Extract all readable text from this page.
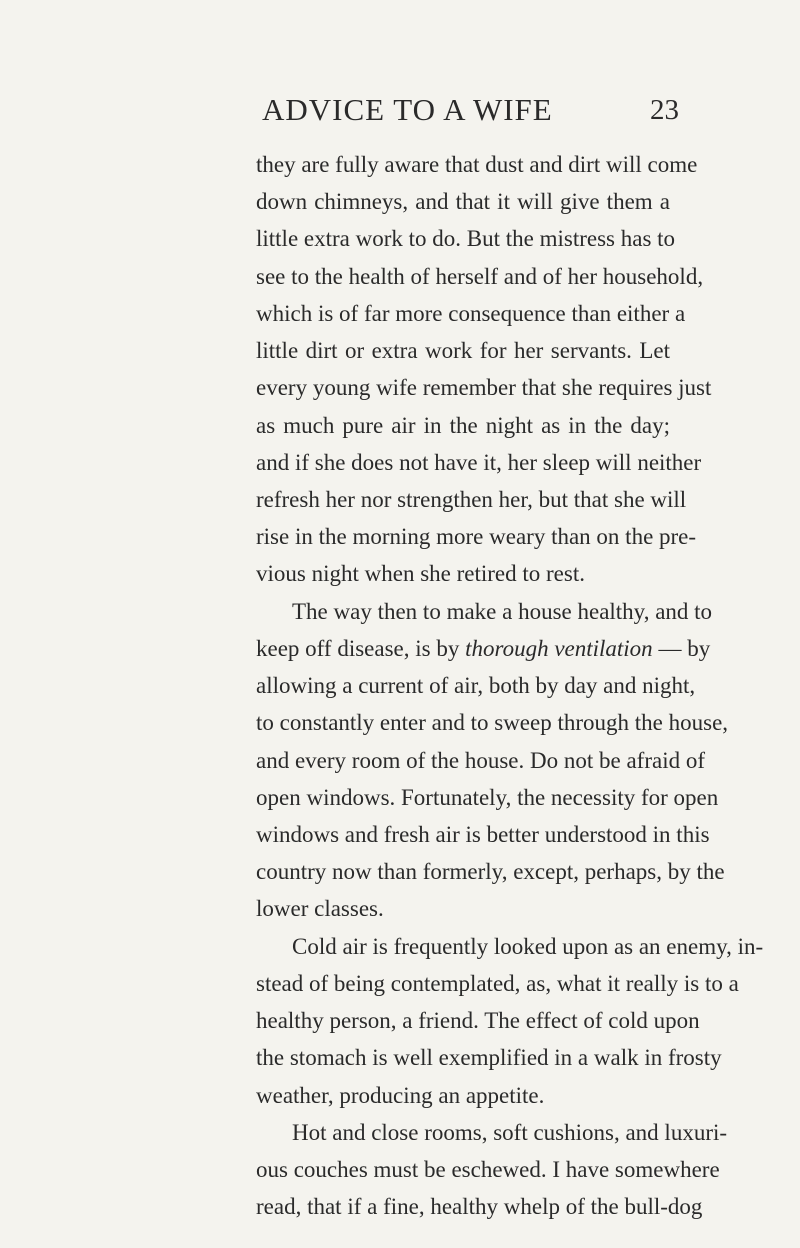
ADVICE TO A WIFE	23
they are fully aware that dust and dirt will come
down chimneys, and that it will give them a
little extra work to do. But the mistress has to
see to the health of herself and of her household,
which is of far more consequence than either a
little dirt or extra work for her servants. Let
every young wife remember that she requires just
as much pure air in the night as in the day;
and if she does not have it, her sleep will neither
refresh her nor strengthen her, but that she will
rise in the morning more weary than on the pre-
vious night when she retired to rest.
The way then to make a house healthy, and to
keep off disease, is by thorough ventilation — by
allowing a current of air, both by day and night,
to constantly enter and to sweep through the house,
and every room of the house. Do not be afraid of
open windows. Fortunately, the necessity for open
windows and fresh air is better understood in this
country now than formerly, except, perhaps, by the
lower classes.
Cold air is frequently looked upon as an enemy, in-
stead of being contemplated, as, what it really is to a
healthy person, a friend. The effect of cold upon
the stomach is well exemplified in a walk in frosty
weather, producing an appetite.
Hot and close rooms, soft cushions, and luxuri-
ous couches must be eschewed. I have somewhere
read, that if a fine, healthy whelp of the bull-dog
